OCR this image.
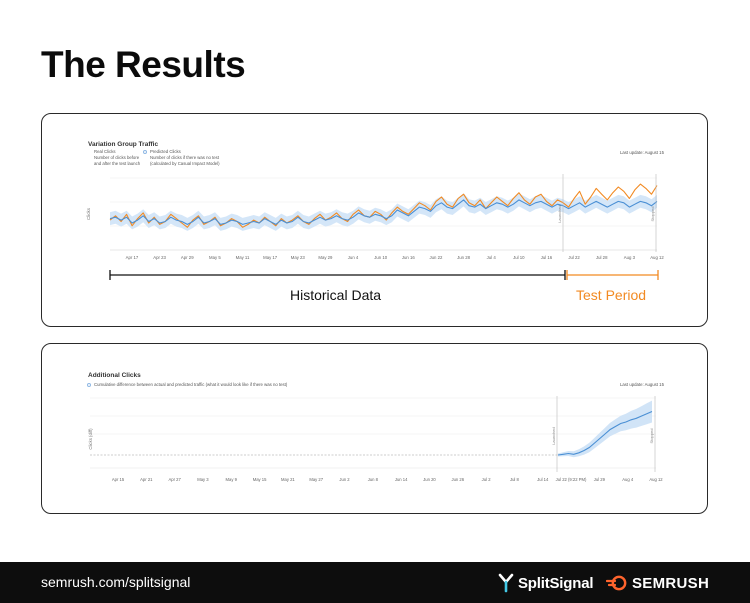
The Results
Variation Group Traffic
Real Clicks
Number of clicks before
and after the test launch
Predicted Clicks
Number of clicks if there was no test
(calculated by Casual Impact Model)
Last update: August 15
Clicks
Apr 17	Apr 23	Apr 29	May 5	May 11	May 17	May 23	May 29	Jun 4	Jun 10	Jun 16	Jun 22	Jun 28	Jul 4	Jul 10	Jul 16	Jul 22	Jul 28	Aug 3	Aug 12
Launched	Stopped
Historical Data	Test Period
Additional Clicks
Cumulative difference between actual and predicted traffic (what it would look like if there was no test)	Last update: August 15
Clicks (diff)
Apr 15	Apr 21	Apr 27	May 3	May 9	May 15	May 21	May 27	Jun 2	Jun 8	Jun 14	Jun 20	Jun 26	Jul 2	Jul 8	Jul 14 Jul 22 (9:22 PM) Jul 29	Aug 4	Aug 12
Launched	Stopped
semrush.com/splitsignal	SplitSignal	SEMRUSH
